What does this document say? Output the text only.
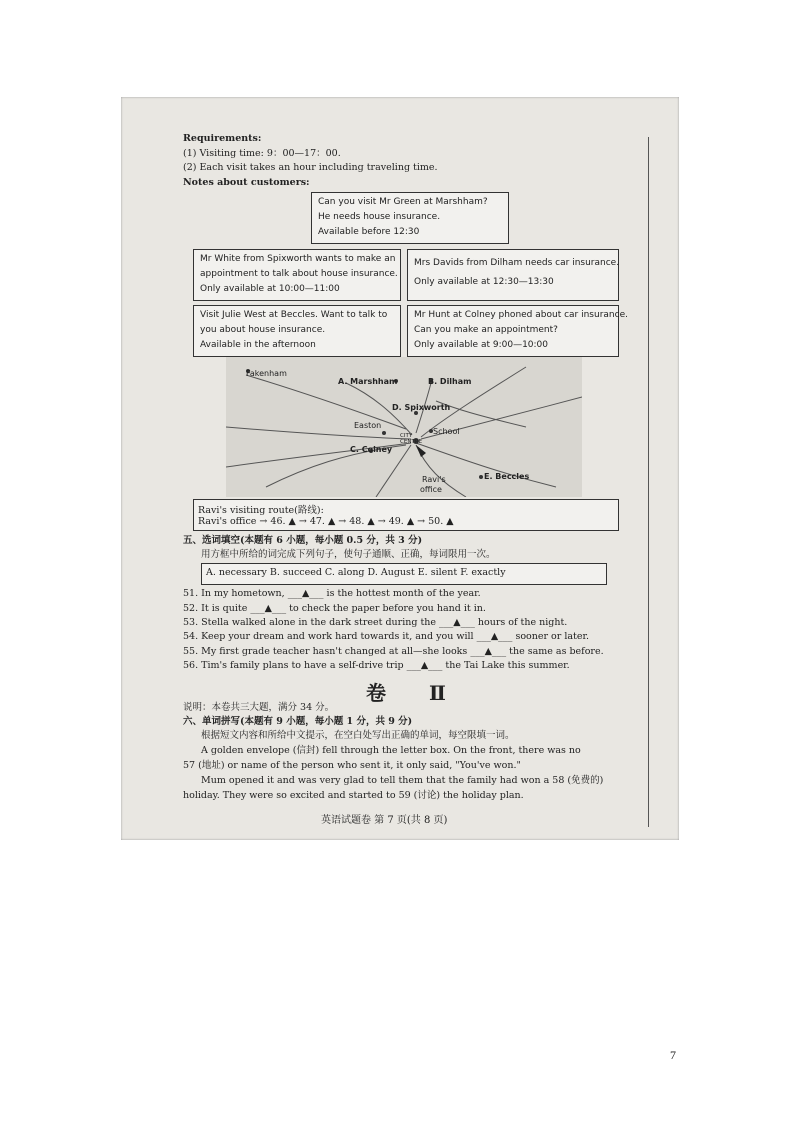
Requirements:
(1) Visiting time: 9：00—17：00.
(2) Each visit takes an hour including traveling time.
Notes about customers:
Can you visit Mr Green at Marshham?
He needs house insurance.
Available before 12:30
Mr White from Spixworth wants to make an
appointment to talk about house insurance.
Only available at 10:00—11:00
Mrs Davids from Dilham needs car insurance.
Only available at 12:30—13:30
Visit Julie West at Beccles. Want to talk to
you about house insurance.
Available in the afternoon
Mr Hunt at Colney phoned about car insurance.
Can you make an appointment?
Only available at 9:00—10:00
Fakenham
A. Marshham	B. Dilham
D. Spixworth
Easton
School
CITY CENTRE
C. Colney
Ravi's
office
E. Beccles
Ravi's visiting route(路线):
Ravi's office → 46. ▲ → 47. ▲ → 48. ▲ → 49. ▲ → 50. ▲
五、选词填空(本题有 6 小题，每小题 0.5 分，共 3 分)
用方框中所给的词完成下列句子，使句子通顺、正确，每词限用一次。
A. necessary B. succeed C. along D. August E. silent F. exactly
51. In my hometown, ___▲___ is the hottest month of the year.
52. It is quite ___▲___ to check the paper before you hand it in.
53. Stella walked alone in the dark street during the ___▲___ hours of the night.
54. Keep your dream and work hard towards it, and you will ___▲___ sooner or later.
55. My first grade teacher hasn't changed at all—she looks ___▲___ the same as before.
56. Tim's family plans to have a self-drive trip ___▲___ the Tai Lake this summer.
卷 Ⅱ
说明：本卷共三大题，满分 34 分。
六、单词拼写(本题有 9 小题，每小题 1 分，共 9 分)
根据短文内容和所给中文提示，在空白处写出正确的单词，每空限填一词。
A golden envelope (信封) fell through the letter box. On the front, there was no
57 (地址) or name of the person who sent it, it only said, "You've won."
Mum opened it and was very glad to tell them that the family had won a 58 (免费的)
holiday. They were so excited and started to 59 (讨论) the holiday plan.
英语试题卷 第 7 页(共 8 页)
7
